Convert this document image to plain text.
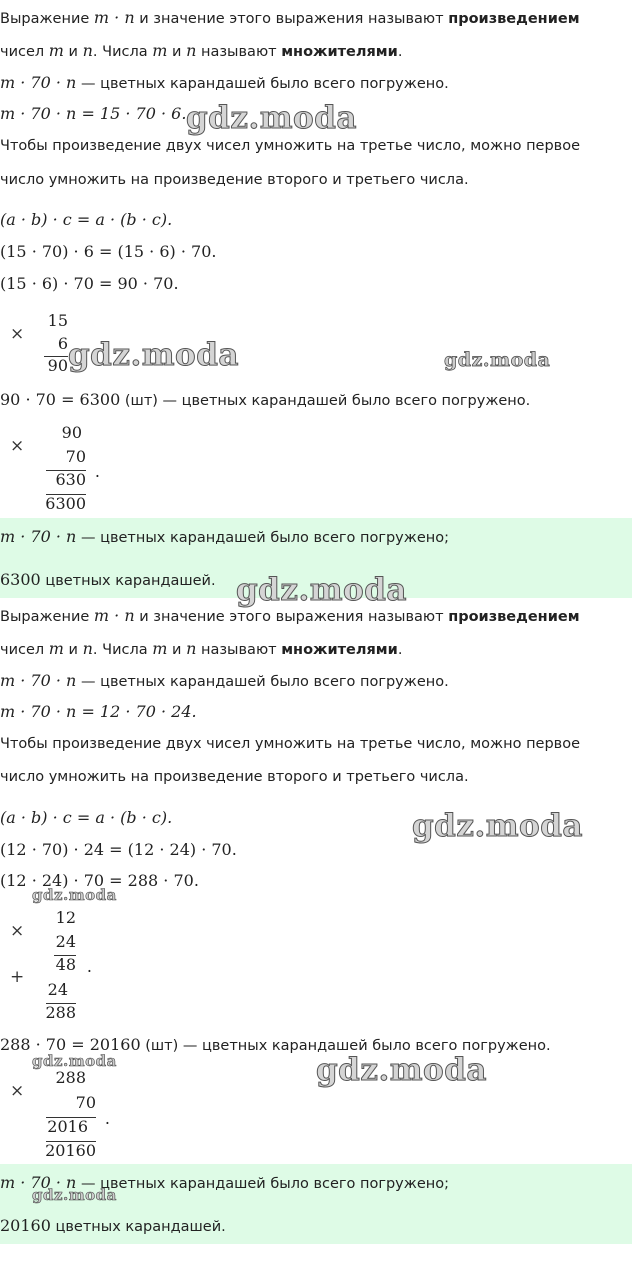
Выражение m · n и значение этого выражения называют произведением
чисел m и n. Числа m и n называют множителями.
m · 70 · n — цветных карандашей было всего погружено.
m · 70 · n = 15 · 70 · 6.
Чтобы произведение двух чисел умножить на третье число, можно первое
число умножить на произведение второго и третьего числа.
(a · b) · c = a · (b · c).
(15 · 70) · 6 = (15 · 6) · 70.
(15 · 6) · 70 = 90 · 70.
×
15
6
90
90 · 70 = 6300 (шт) — цветных карандашей было всего погружено.
×
90
70
630 .
6300
m · 70 · n — цветных карандашей было всего погружено;
6300 цветных карандашей.
Выражение m · n и значение этого выражения называют произведением
чисел m и n. Числа m и n называют множителями.
m · 70 · n — цветных карандашей было всего погружено.
m · 70 · n = 12 · 70 · 24.
Чтобы произведение двух чисел умножить на третье число, можно первое
число умножить на произведение второго и третьего числа.
(a · b) · c = a · (b · c).
(12 · 70) · 24 = (12 · 24) · 70.
(12 · 24) · 70 = 288 · 70.
×
12
24
48 .
+
24
288
288 · 70 = 20160 (шт) — цветных карандашей было всего погружено.
×
288
70
2016 .
20160
m · 70 · n — цветных карандашей было всего погружено;
20160 цветных карандашей.
gdz.moda
gdz.moda	gdz.moda
gdz.moda
gdz.moda
gdz.moda
gdz.moda	gdz.moda
gdz.moda
